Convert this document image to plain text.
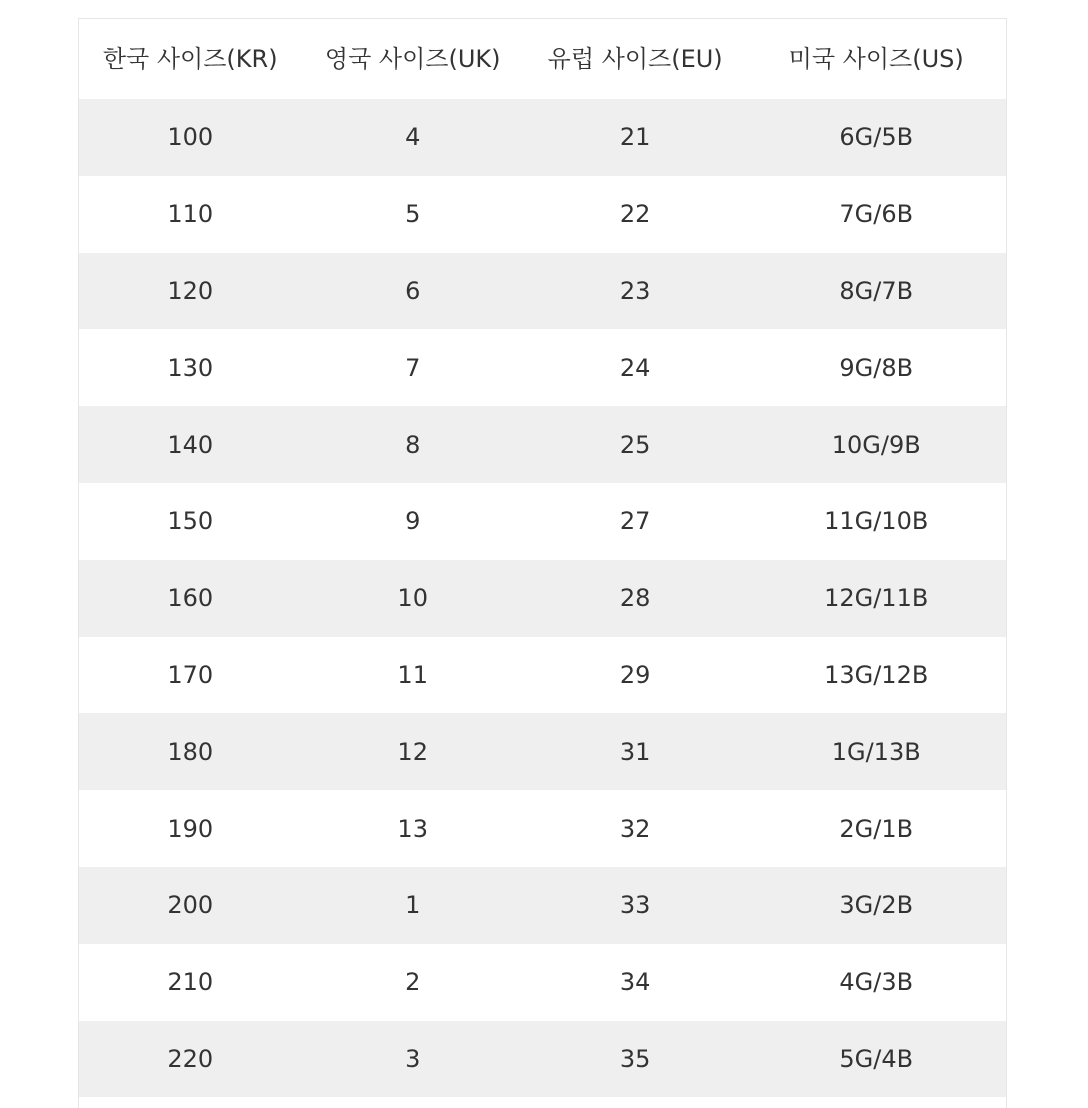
한국 사이즈(KR)	영국 사이즈(UK)	유럽 사이즈(EU)	미국 사이즈(US)
100	4	21	6G/5B
110	5	22	7G/6B
120	6	23	8G/7B
130	7	24	9G/8B
140	8	25	10G/9B
150	9	27	11G/10B
160	10	28	12G/11B
170	11	29	13G/12B
180	12	31	1G/13B
190	13	32	2G/1B
200	1	33	3G/2B
210	2	34	4G/3B
220	3	35	5G/4B
